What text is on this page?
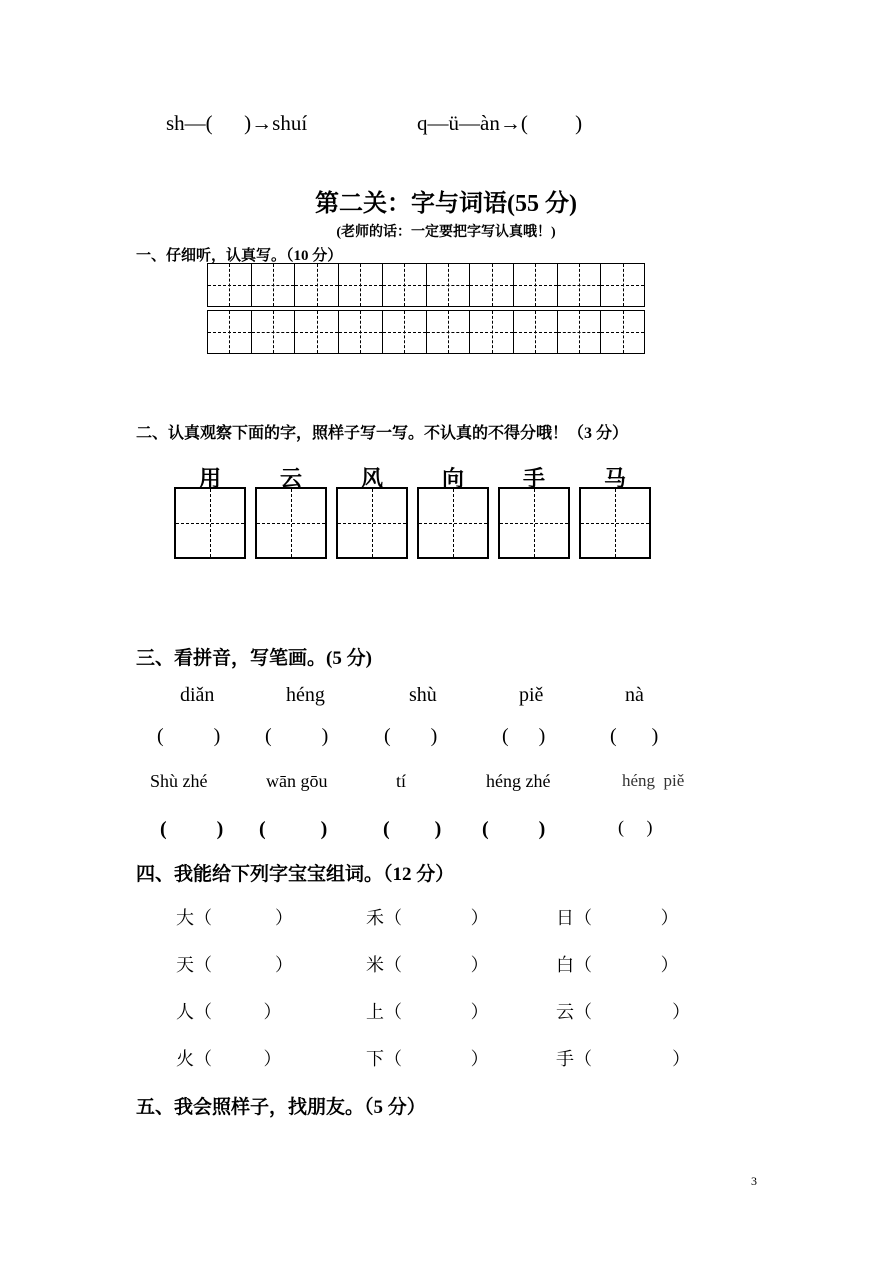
sh—(      )→shuí	q—ü—àn→(         )
第二关：字与词语(55 分)
(老师的话：一定要把字写认真哦！)
一、仔细听，认真写。（10 分）
二、认真观察下面的字，照样子写一写。不认真的不得分哦！（3 分）
用	云	风	向	手	马
三、看拼音，写笔画。(5 分)
diǎn	héng	shù	piě	nà
(          ) (          )	(        )	(      )	(       )
Shù zhé	wān gōu	tí	héng zhé	héng  piě
(          ) (           )	(         ) (          )	(     )
四、我能给下列字宝宝组词。（12 分）
大（           ）	禾（            ）	日（            ）
天（           ）	米（            ）	白（            ）
人（         ）	上（            ）	云（              ）
火（         ）	下（            ）	手（              ）
五、我会照样子，找朋友。（5 分）
3
